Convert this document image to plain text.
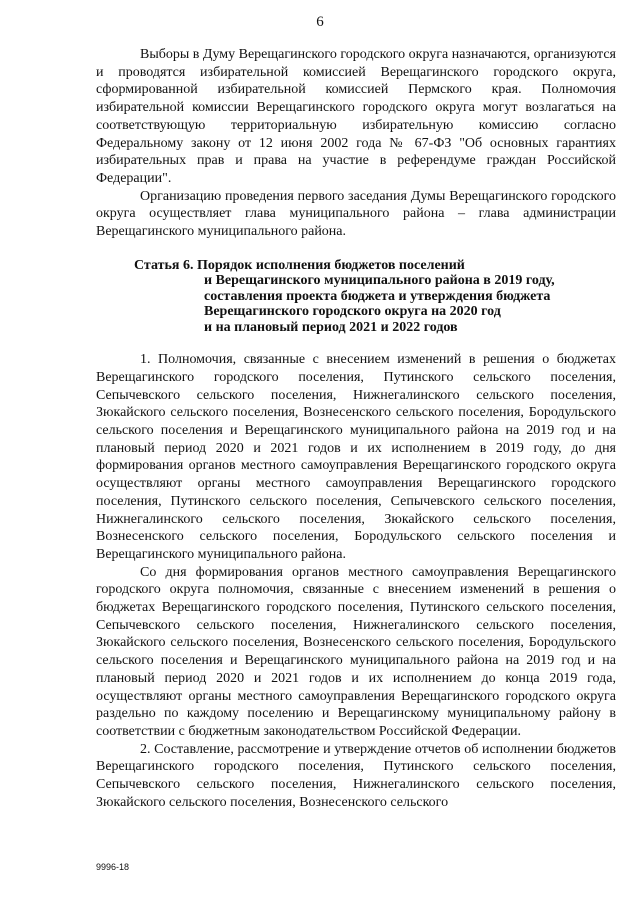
6

Выборы в Думу Верещагинского городского округа назначаются, организуются и проводятся избирательной комиссией Верещагинского городского округа, сформированной избирательной комиссией Пермского края. Полномочия избирательной комиссии Верещагинского городского округа могут возлагаться на соответствующую территориальную избирательную комиссию согласно Федеральному закону от 12 июня 2002 года № 67-ФЗ "Об основных гарантиях избирательных прав и права на участие в референдуме граждан Российской Федерации".

Организацию проведения первого заседания Думы Верещагинского городского округа осуществляет глава муниципального района – глава администрации Верещагинского муниципального района.

Статья 6. Порядок исполнения бюджетов поселений
и Верещагинского муниципального района в 2019 году,
составления проекта бюджета и утверждения бюджета
Верещагинского городского округа на 2020 год
и на плановый период 2021 и 2022 годов

1. Полномочия, связанные с внесением изменений в решения о бюджетах Верещагинского городского поселения, Путинского сельского поселения, Сепычевского сельского поселения, Нижнегалинского сельского поселения, Зюкайского сельского поселения, Вознесенского сельского поселения, Бородульского сельского поселения и Верещагинского муниципального района на 2019 год и на плановый период 2020 и 2021 годов и их исполнением в 2019 году, до дня формирования органов местного самоуправления Верещагинского городского округа осуществляют органы местного самоуправления Верещагинского городского поселения, Путинского сельского поселения, Сепычевского сельского поселения, Нижнегалинского сельского поселения, Зюкайского сельского поселения, Вознесенского сельского поселения, Бородульского сельского поселения и Верещагинского муниципального района.

Со дня формирования органов местного самоуправления Верещагинского городского округа полномочия, связанные с внесением изменений в решения о бюджетах Верещагинского городского поселения, Путинского сельского поселения, Сепычевского сельского поселения, Нижнегалинского сельского поселения, Зюкайского сельского поселения, Вознесенского сельского поселения, Бородульского сельского поселения и Верещагинского муниципального района на 2019 год и на плановый период 2020 и 2021 годов и их исполнением до конца 2019 года, осуществляют органы местного самоуправления Верещагинского городского округа раздельно по каждому поселению и Верещагинскому муниципальному району в соответствии с бюджетным законодательством Российской Федерации.

2. Составление, рассмотрение и утверждение отчетов об исполнении бюджетов Верещагинского городского поселения, Путинского сельского поселения, Сепычевского сельского поселения, Нижнегалинского сельского поселения, Зюкайского сельского поселения, Вознесенского сельского

9996-18
